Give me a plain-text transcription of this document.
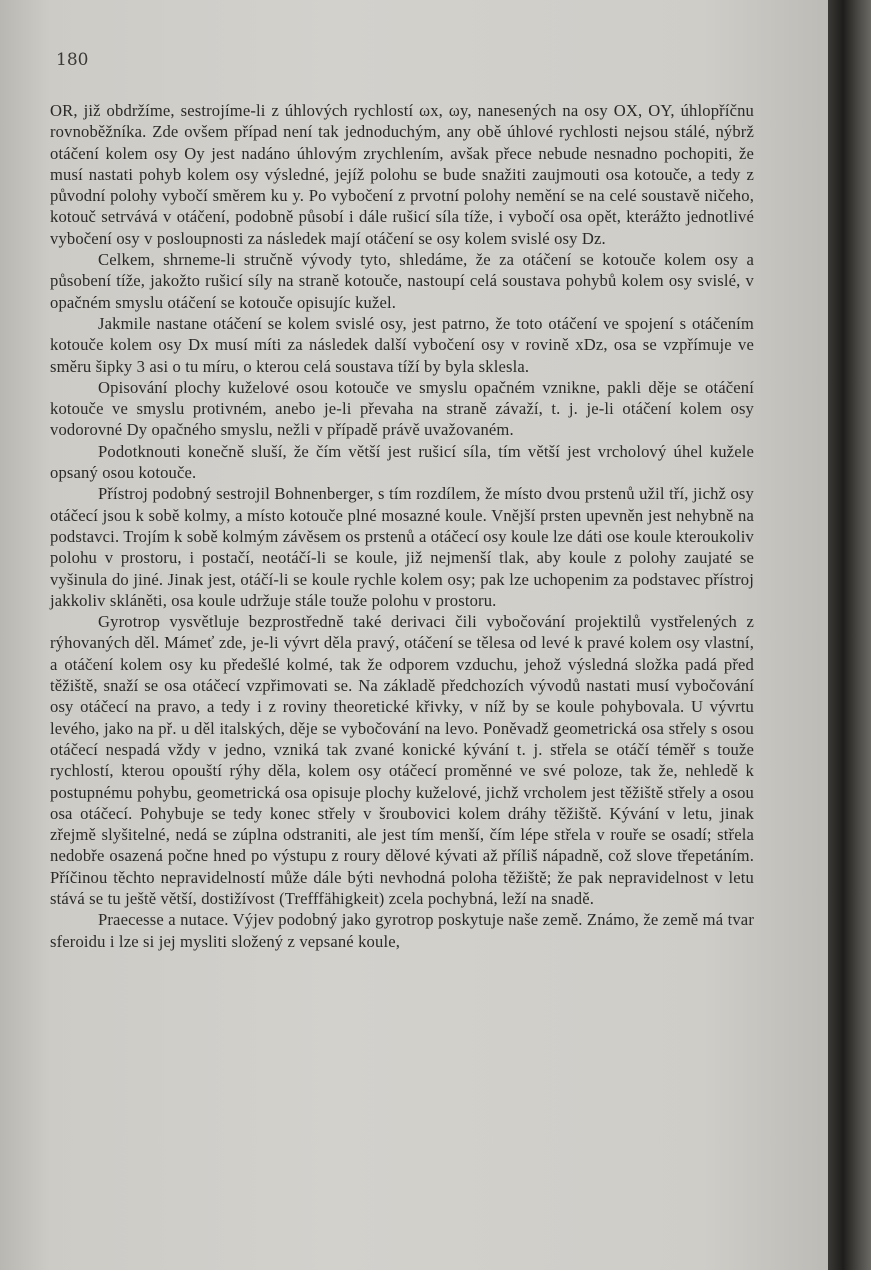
180

OR, již obdržíme, sestrojíme-li z úhlových rychlostí ωx, ωy, nanesených na osy OX, OY, úhlopříčnu rovnoběžníka. Zde ovšem případ není tak jednoduchým, any obě úhlové rychlosti nejsou stálé, nýbrž otáčení kolem osy Oy jest nadáno úhlovým zrychlením, avšak přece nebude nesnadno pochopiti, že musí nastati pohyb kolem osy výsledné, jejíž polohu se bude snažiti zaujmouti osa kotouče, a tedy z původní polohy vybočí směrem ku y. Po vybočení z prvotní polohy nemění se na celé soustavě ničeho, kotouč setrvává v otáčení, podobně působí i dále rušicí síla tíže, i vybočí osa opět, kterážto jednotlivé vybočení osy v posloupnosti za následek mají otáčení se osy kolem svislé osy Dz.

Celkem, shrneme-li stručně vývody tyto, shledáme, že za otáčení se kotouče kolem osy a působení tíže, jakožto rušicí síly na straně kotouče, nastoupí celá soustava pohybů kolem osy svislé, v opačném smyslu otáčení se kotouče opisujíc kužel.

Jakmile nastane otáčení se kolem svislé osy, jest patrno, že toto otáčení ve spojení s otáčením kotouče kolem osy Dx musí míti za následek další vybočení osy v rovině xDz, osa se vzpřímuje ve směru šipky 3 asi o tu míru, o kterou celá soustava tíží by byla sklesla.

Opisování plochy kuželové osou kotouče ve smyslu opačném vznikne, pakli děje se otáčení kotouče ve smyslu protivném, anebo je-li převaha na straně závaží, t. j. je-li otáčení kolem osy vodorovné Dy opačného smyslu, nežli v případě právě uvažovaném.

Podotknouti konečně sluší, že čím větší jest rušicí síla, tím větší jest vrcholový úhel kužele opsaný osou kotouče.

Přístroj podobný sestrojil Bohnenberger, s tím rozdílem, že místo dvou prstenů užil tří, jichž osy otáčecí jsou k sobě kolmy, a místo kotouče plné mosazné koule. Vnější prsten upevněn jest nehybně na podstavci. Trojím k sobě kolmým závěsem os prstenů a otáčecí osy koule lze dáti ose koule kteroukoliv polohu v prostoru, i postačí, neotáčí-li se koule, již nejmenší tlak, aby koule z polohy zaujaté se vyšinula do jiné. Jinak jest, otáčí-li se koule rychle kolem osy; pak lze uchopenim za podstavec přístroj jakkoliv skláněti, osa koule udržuje stále touže polohu v prostoru.

Gyrotrop vysvětluje bezprostředně také derivaci čili vybočování projektilů vystřelených z rýhovaných děl. Mámeť zde, je-li vývrt děla pravý, otáčení se tělesa od levé k pravé kolem osy vlastní, a otáčení kolem osy ku předešlé kolmé, tak že odporem vzduchu, jehož výsledná složka padá před těžiště, snaží se osa otáčecí vzpřimovati se. Na základě předchozích vývodů nastati musí vybočování osy otáčecí na pravo, a tedy i z roviny theoretické křivky, v níž by se koule pohybovala. U vývrtu levého, jako na př. u děl italských, děje se vybočování na levo. Poněvadž geometrická osa střely s osou otáčecí nespadá vždy v jedno, vzniká tak zvané konické kývání t. j. střela se otáčí téměř s touže rychlostí, kterou opouští rýhy děla, kolem osy otáčecí proměnné ve své poloze, tak že, nehledě k postupnému pohybu, geometrická osa opisuje plochy kuželové, jichž vrcholem jest těžiště střely a osou osa otáčecí. Pohybuje se tedy konec střely v šroubovici kolem dráhy těžiště. Kývání v letu, jinak zřejmě slyšitelné, nedá se zúplna odstraniti, ale jest tím menší, čím lépe střela v rouře se osadí; střela nedobře osazená počne hned po výstupu z roury dělové kývati až příliš nápadně, což slove třepetáním. Příčinou těchto nepravidelností může dále býti nevhodná poloha těžiště; že pak nepravidelnost v letu stává se tu ještě větší, dostižívost (Trefffähigkeit) zcela pochybná, leží na snadě.

Praecesse a nutace. Výjev podobný jako gyrotrop poskytuje naše země. Známo, že země má tvar sferoidu i lze si jej mysliti složený z vepsané koule,
